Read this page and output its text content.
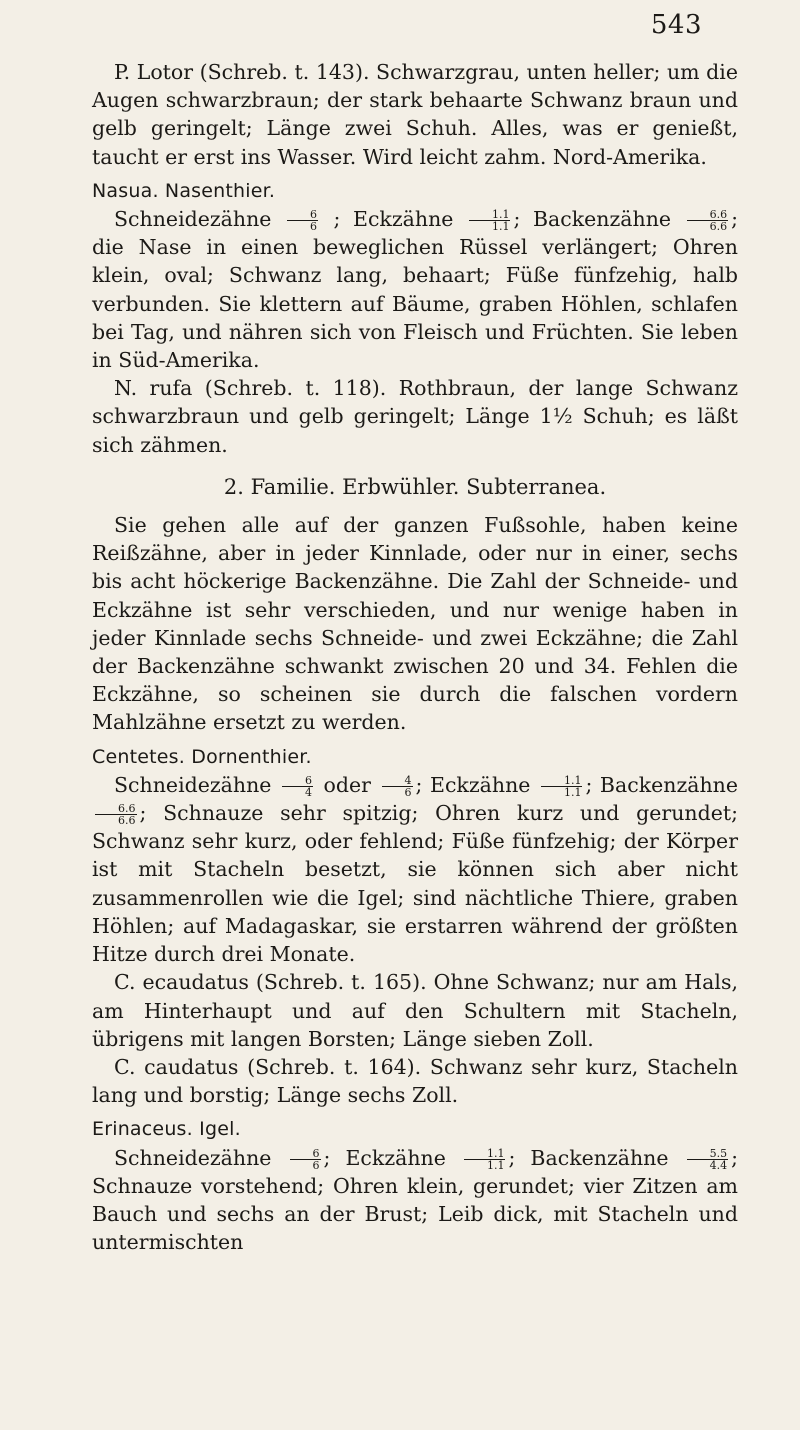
543

P. Lotor (Schreb. t. 143). Schwarzgrau, unten heller; um die Augen schwarzbraun; der stark behaarte Schwanz braun und gelb geringelt; Länge zwei Schuh. Alles, was er genießt, taucht er erst ins Wasser. Wird leicht zahm. Nord-Amerika.

Nasua. Nasenthier.

Schneidezähne $\frac{6}{6}$ ; Eckzähne $\frac{1.1}{1.1}$ ; Backenzähne $\frac{6.6}{6.6}$ ; die Nase in einen beweglichen Rüssel verlängert; Ohren klein, oval; Schwanz lang, behaart; Füße fünfzehig, halb verbunden. Sie klettern auf Bäume, graben Höhlen, schlafen bei Tag, und nähren sich von Fleisch und Früchten. Sie leben in Süd-Amerika.

N. rufa (Schreb. t. 118). Rothbraun, der lange Schwanz schwarzbraun und gelb geringelt; Länge 1½ Schuh; es läßt sich zähmen.

2. Familie. Erbwühler. Subterranea.

Sie gehen alle auf der ganzen Fußsohle, haben keine Reißzähne, aber in jeder Kinnlade, oder nur in einer, sechs bis acht höckerige Backenzähne. Die Zahl der Schneide- und Eckzähne ist sehr verschieden, und nur wenige haben in jeder Kinnlade sechs Schneide- und zwei Eckzähne; die Zahl der Backenzähne schwankt zwischen 20 und 34. Fehlen die Eckzähne, so scheinen sie durch die falschen vordern Mahlzähne ersetzt zu werden.

Centetes. Dornenthier.

Schneidezähne $\frac{6}{4}$ oder $\frac{4}{6}$ ; Eckzähne $\frac{1.1}{1.1}$ ; Backenzähne
$\frac{6.6}{6.6}$ ; Schnauze sehr spitzig; Ohren kurz und gerundet; Schwanz sehr kurz, oder fehlend; Füße fünfzehig; der Körper ist mit Stacheln besetzt, sie können sich aber nicht zusammenrollen wie die Igel; sind nächtliche Thiere, graben Höhlen; auf Madagaskar, sie erstarren während der größten Hitze durch drei Monate.

C. ecaudatus (Schreb. t. 165). Ohne Schwanz; nur am Hals, am Hinterhaupt und auf den Schultern mit Stacheln, übrigens mit langen Borsten; Länge sieben Zoll.

C. caudatus (Schreb. t. 164). Schwanz sehr kurz, Stacheln lang und borstig; Länge sechs Zoll.

Erinaceus. Igel.

Schneidezähne $\frac{6}{6}$ ; Eckzähne $\frac{1.1}{1.1}$ ; Backenzähne $\frac{5.5}{4.4}$ ; Schnauze vorstehend; Ohren klein, gerundet; vier Zitzen am Bauch und sechs an der Brust; Leib dick, mit Stacheln und untermischten
